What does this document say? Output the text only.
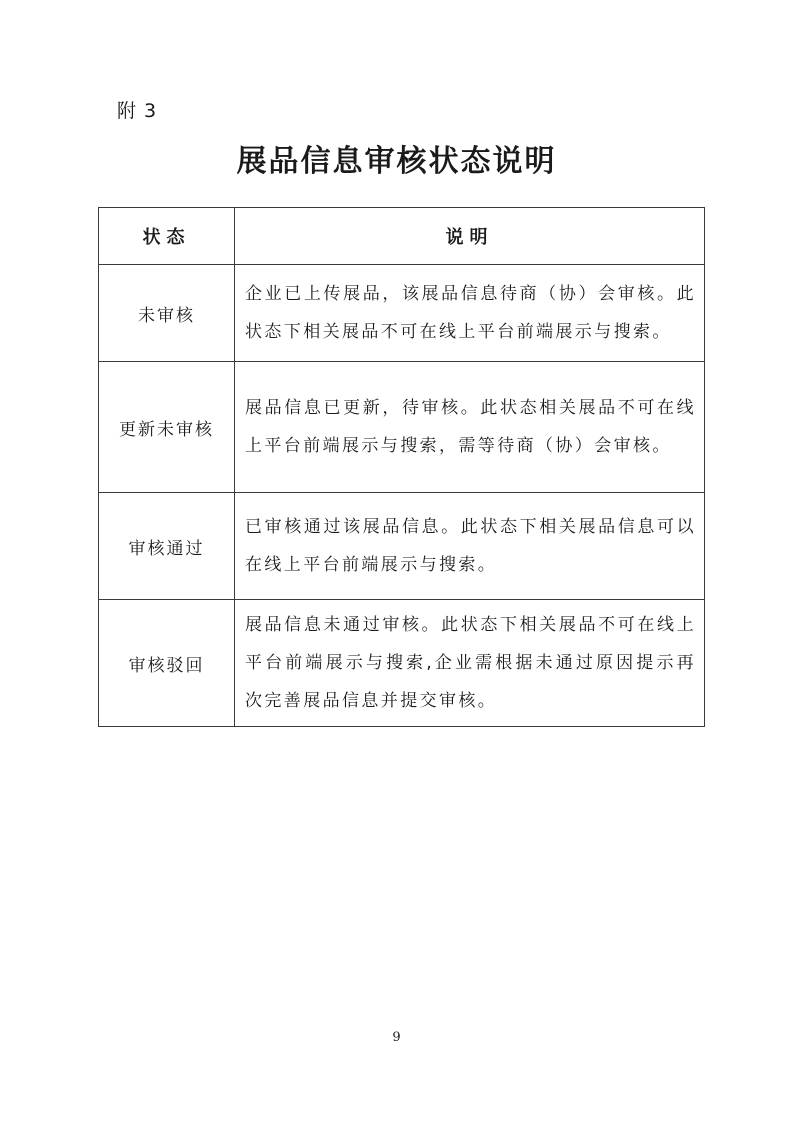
附 3
展品信息审核状态说明
状态	说明
未审核	企业已上传展品，该展品信息待商（协）会审核。此状态下相关展品不可在线上平台前端展示与搜索。
更新未审核	展品信息已更新，待审核。此状态相关展品不可在线上平台前端展示与搜索，需等待商（协）会审核。
审核通过	已审核通过该展品信息。此状态下相关展品信息可以在线上平台前端展示与搜索。
审核驳回	展品信息未通过审核。此状态下相关展品不可在线上平台前端展示与搜索,企业需根据未通过原因提示再次完善展品信息并提交审核。
9
